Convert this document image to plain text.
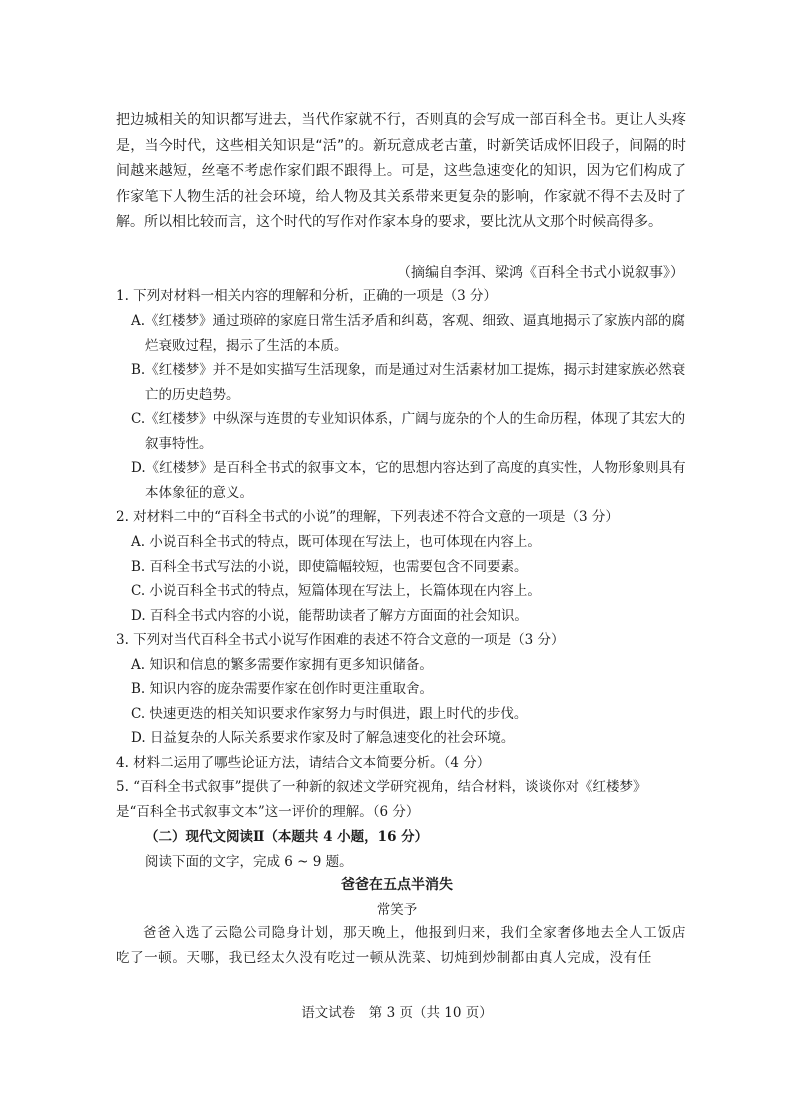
把边城相关的知识都写进去，当代作家就不行，否则真的会写成一部百科全书。更让人头疼是，当今时代，这些相关知识是“活”的。新玩意成老古董，时新笑话成怀旧段子，间隔的时间越来越短，丝毫不考虑作家们跟不跟得上。可是，这些急速变化的知识，因为它们构成了作家笔下人物生活的社会环境，给人物及其关系带来更复杂的影响，作家就不得不去及时了解。所以相比较而言，这个时代的写作对作家本身的要求，要比沈从文那个时候高得多。
（摘编自李洱、梁鸿《百科全书式小说叙事》）
1. 下列对材料一相关内容的理解和分析，正确的一项是（3 分）
A.《红楼梦》通过琐碎的家庭日常生活矛盾和纠葛，客观、细致、逼真地揭示了家族内部的腐烂衰败过程，揭示了生活的本质。
B.《红楼梦》并不是如实描写生活现象，而是通过对生活素材加工提炼，揭示封建家族必然衰亡的历史趋势。
C.《红楼梦》中纵深与连贯的专业知识体系，广阔与庞杂的个人的生命历程，体现了其宏大的叙事特性。
D.《红楼梦》是百科全书式的叙事文本，它的思想内容达到了高度的真实性，人物形象则具有本体象征的意义。
2. 对材料二中的“百科全书式的小说”的理解，下列表述不符合文意的一项是（3 分）
A. 小说百科全书式的特点，既可体现在写法上，也可体现在内容上。
B. 百科全书式写法的小说，即使篇幅较短，也需要包含不同要素。
C. 小说百科全书式的特点，短篇体现在写法上，长篇体现在内容上。
D. 百科全书式内容的小说，能帮助读者了解方方面面的社会知识。
3. 下列对当代百科全书式小说写作困难的表述不符合文意的一项是（3 分）
A. 知识和信息的繁多需要作家拥有更多知识储备。
B. 知识内容的庞杂需要作家在创作时更注重取舍。
C. 快速更迭的相关知识要求作家努力与时俱进，跟上时代的步伐。
D. 日益复杂的人际关系要求作家及时了解急速变化的社会环境。
4. 材料二运用了哪些论证方法，请结合文本简要分析。（4 分）
5. “百科全书式叙事”提供了一种新的叙述文学研究视角，结合材料，谈谈你对《红楼梦》
是“百科全书式叙事文本”这一评价的理解。（6 分）
（二）现代文阅读Ⅱ（本题共 4 小题，16 分）
阅读下面的文字，完成 6 ~ 9 题。
爸爸在五点半消失
常笑予
爸爸入选了云隐公司隐身计划，那天晚上，他报到归来，我们全家奢侈地去全人工饭店吃了一顿。天哪，我已经太久没有吃过一顿从洗菜、切炖到炒制都由真人完成，没有任
语文试卷　第 3 页（共 10 页）
